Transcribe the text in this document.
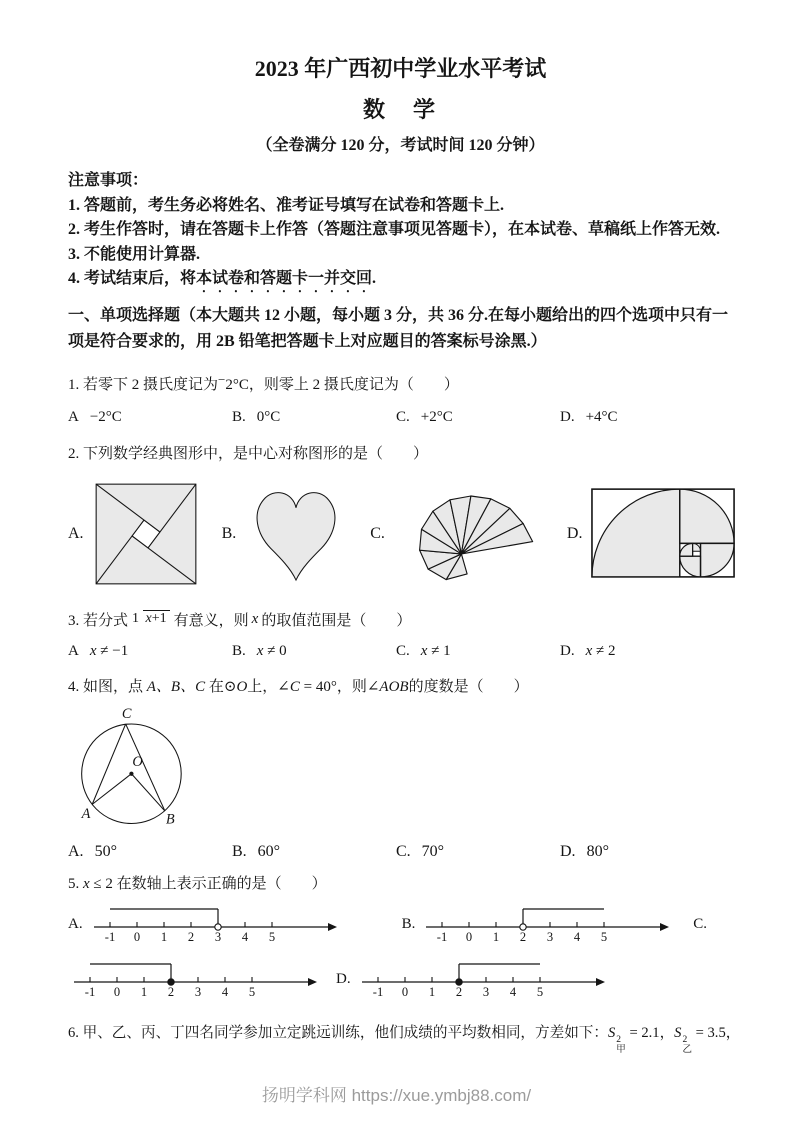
2023 年广西初中学业水平考试
数　学
（全卷满分 120 分，考试时间 120 分钟）
注意事项：
1. 答题前，考生务必将姓名、准考证号填写在试卷和答题卡上.
2. 考生作答时，请在答题卡上作答（答题注意事项见答题卡），在本试卷、草稿纸上作答无效.
3. 不能使用计算器.
4. 考试结束后，将本试卷和答题卡一并交回.
一、单项选择题（本大题共 12 小题，每小题 3 分，共 36 分.在每小题给出的四个选项中只有一项是符合要求的，用 2B 铅笔把答题卡上对应题目的答案标号涂黑.）
1. 若零下 2 摄氏度记为−2°C，则零上 2 摄氏度记为（　　）
A −2°C	B. 0°C	C. +2°C	D. +4°C
2. 下列数学经典图形中，是中心对称图形的是（　　）
A.	B.	C.	D.
3. 若分式 1 x+1 有意义，则 x 的取值范围是（　　）
A x ≠ −1	B. x ≠ 0	C. x ≠ 1	D. x ≠ 2
4. 如图，点 A、B、C 在⊙O上，∠C = 40°，则∠AOB的度数是（　　）
C
O
A	B
A. 50°	B. 60°	C. 70°	D. 80°
5. x ≤ 2 在数轴上表示正确的是（　　）
A.
-1 0 1 2 3 4 5
B.
-1 0 1 2 3 4 5
C.
-1 0 1 2 3 4 5
D.
-1 0 1 2 3 4 5
6. 甲、乙、丙、丁四名同学参加立定跳远训练，他们成绩的平均数相同，方差如下：S 2
甲
= 2.1，S 2
乙
= 3.5，
扬明学科网 https://xue.ymbj88.com/
